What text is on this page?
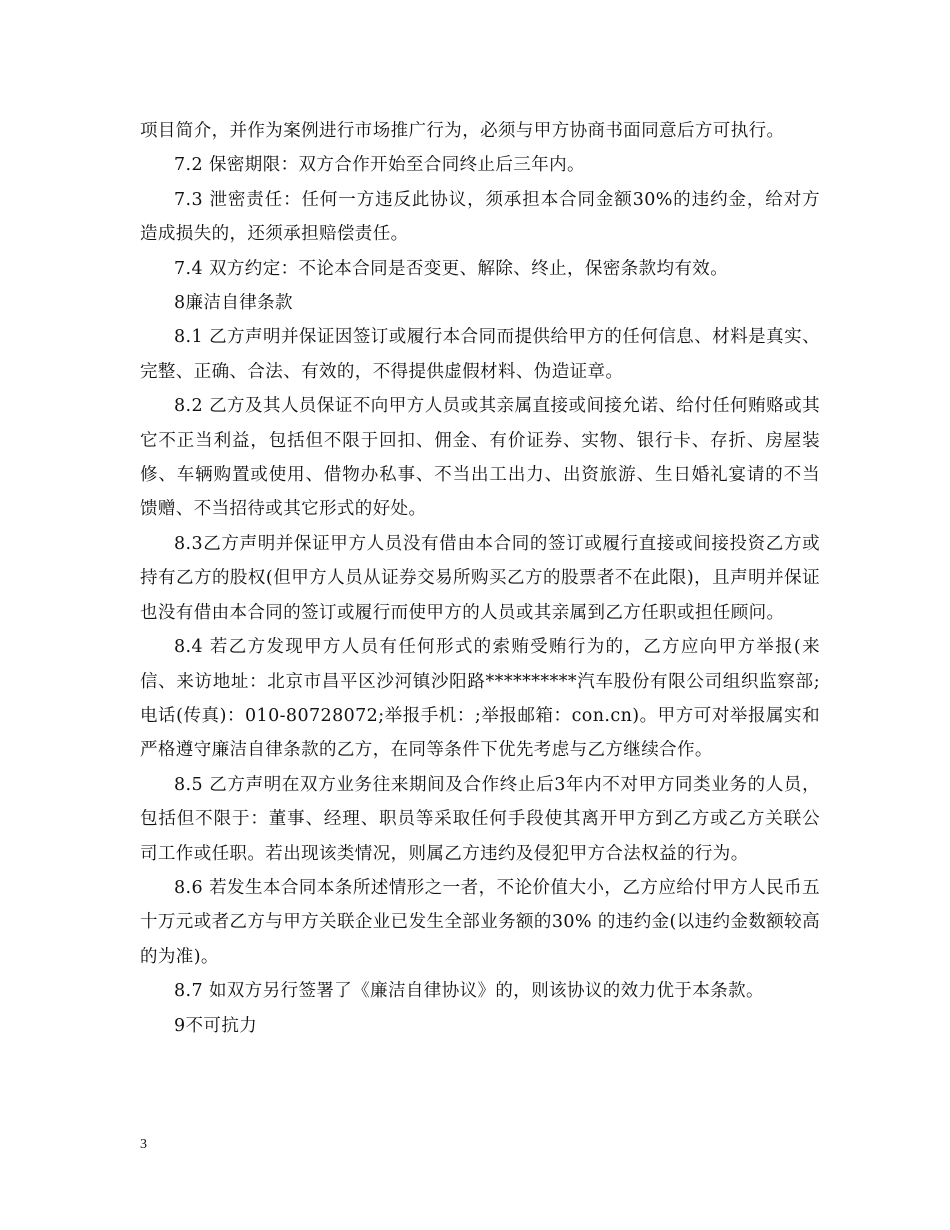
项目简介，并作为案例进行市场推广行为，必须与甲方协商书面同意后方可执行。

7.2 保密期限：双方合作开始至合同终止后三年内。

7.3 泄密责任：任何一方违反此协议，须承担本合同金额30%的违约金，给对方造成损失的，还须承担赔偿责任。

7.4 双方约定：不论本合同是否变更、解除、终止，保密条款均有效。

8廉洁自律条款

8.1 乙方声明并保证因签订或履行本合同而提供给甲方的任何信息、材料是真实、完整、正确、合法、有效的，不得提供虚假材料、伪造证章。

8.2 乙方及其人员保证不向甲方人员或其亲属直接或间接允诺、给付任何贿赂或其它不正当利益，包括但不限于回扣、佣金、有价证券、实物、银行卡、存折、房屋装修、车辆购置或使用、借物办私事、不当出工出力、出资旅游、生日婚礼宴请的不当馈赠、不当招待或其它形式的好处。

8.3乙方声明并保证甲方人员没有借由本合同的签订或履行直接或间接投资乙方或持有乙方的股权(但甲方人员从证券交易所购买乙方的股票者不在此限)，且声明并保证也没有借由本合同的签订或履行而使甲方的人员或其亲属到乙方任职或担任顾问。

8.4 若乙方发现甲方人员有任何形式的索贿受贿行为的，乙方应向甲方举报(来信、来访地址：北京市昌平区沙河镇沙阳路**********汽车股份有限公司组织监察部;电话(传真)：010-80728072;举报手机：;举报邮箱：con.cn)。甲方可对举报属实和严格遵守廉洁自律条款的乙方，在同等条件下优先考虑与乙方继续合作。

8.5 乙方声明在双方业务往来期间及合作终止后3年内不对甲方同类业务的人员，包括但不限于：董事、经理、职员等采取任何手段使其离开甲方到乙方或乙方关联公司工作或任职。若出现该类情况，则属乙方违约及侵犯甲方合法权益的行为。

8.6 若发生本合同本条所述情形之一者，不论价值大小，乙方应给付甲方人民币五十万元或者乙方与甲方关联企业已发生全部业务额的30% 的违约金(以违约金数额较高的为准)。

8.7 如双方另行签署了《廉洁自律协议》的，则该协议的效力优于本条款。

9不可抗力

3
